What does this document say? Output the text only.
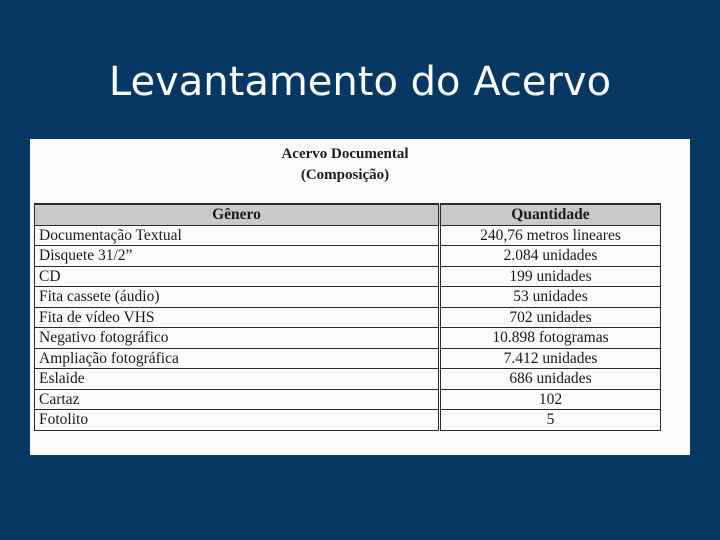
Levantamento do Acervo
Acervo Documental
(Composição)
Gênero	Quantidade
Documentação Textual	240,76 metros lineares
Disquete 31/2”	2.084 unidades
CD	199 unidades
Fita cassete (áudio)	53 unidades
Fita de vídeo VHS	702 unidades
Negativo fotográfico	10.898 fotogramas
Ampliação fotográfica	7.412 unidades
Eslaide	686 unidades
Cartaz	102
Fotolito	5
